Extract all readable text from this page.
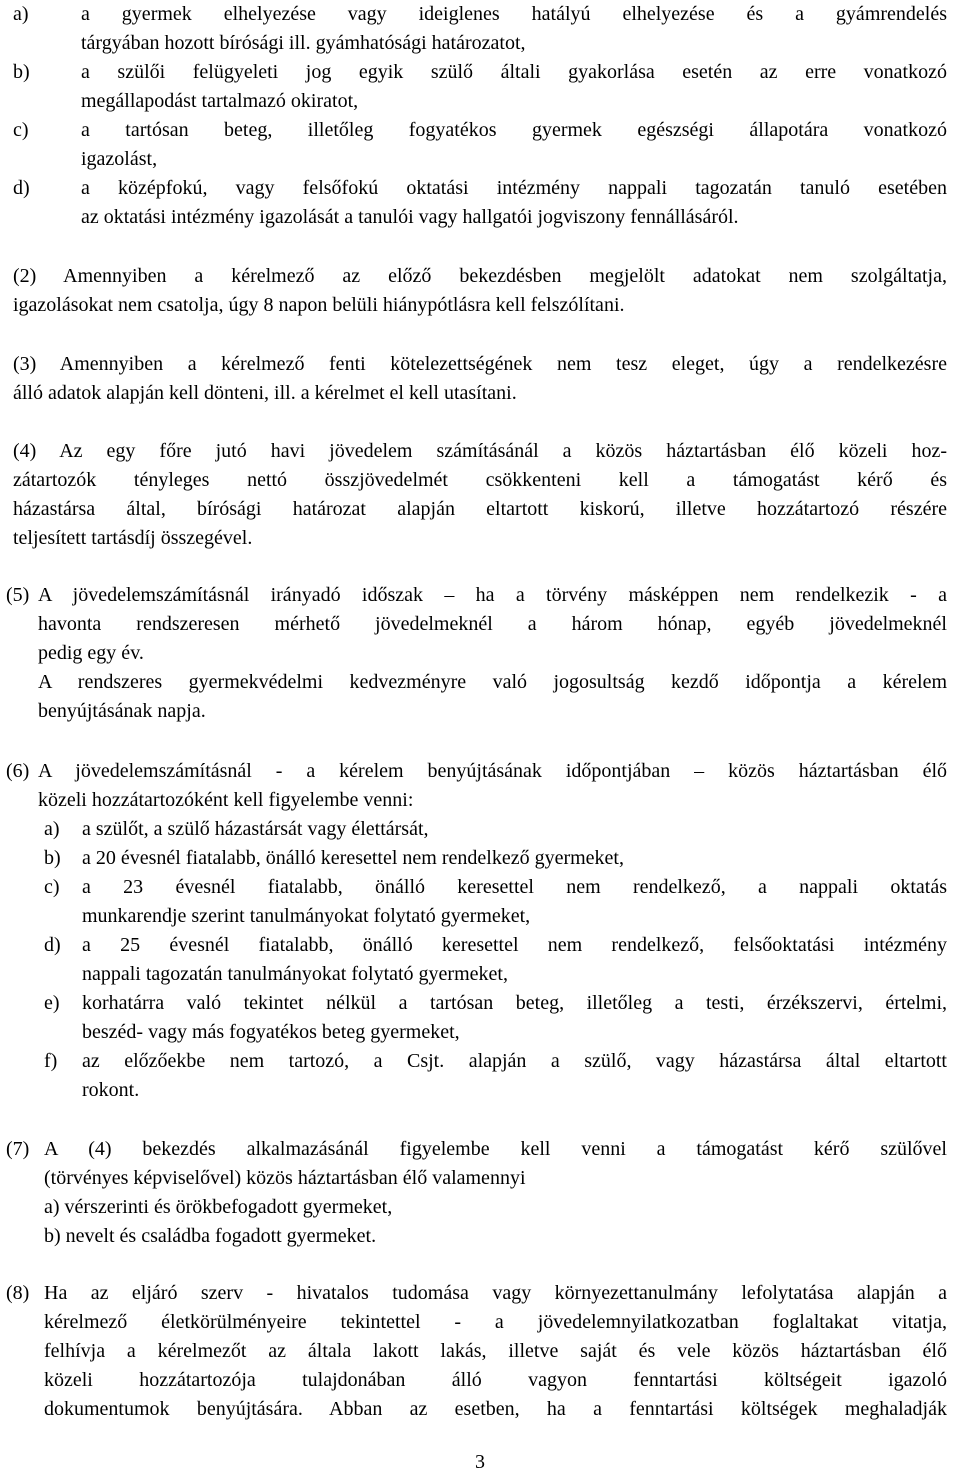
a)	a gyermek elhelyezése vagy ideiglenes hatályú elhelyezése és a gyámrendelés
tárgyában hozott bírósági ill. gyámhatósági határozatot,
b)	a szülői felügyeleti jog egyik szülő általi gyakorlása esetén az erre vonatkozó
megállapodást tartalmazó okiratot,
c)	a tartósan beteg, illetőleg fogyatékos gyermek egészségi állapotára vonatkozó
igazolást,
d)	a középfokú, vagy felsőfokú oktatási intézmény nappali tagozatán tanuló esetében
az oktatási intézmény igazolását a tanulói vagy hallgatói jogviszony fennállásáról.
(2) Amennyiben a kérelmező az előző bekezdésben megjelölt adatokat nem szolgáltatja,
igazolásokat nem csatolja, úgy 8 napon belüli hiánypótlásra kell felszólítani.
(3) Amennyiben a kérelmező fenti kötelezettségének nem tesz eleget, úgy a rendelkezésre
álló adatok alapján kell dönteni, ill. a kérelmet el kell utasítani.
(4) Az egy főre jutó havi jövedelem számításánál a közös háztartásban élő közeli hoz-
zátartozók tényleges nettó összjövedelmét csökkenteni kell a támogatást kérő és
házastársa által, bírósági határozat alapján eltartott kiskorú, illetve hozzátartozó részére
teljesített tartásdíj összegével.
(5) A jövedelemszámításnál irányadó időszak – ha a törvény másképpen nem rendelkezik - a
havonta rendszeresen mérhető jövedelmeknél a három hónap, egyéb jövedelmeknél
pedig egy év.
A rendszeres gyermekvédelmi kedvezményre való jogosultság kezdő időpontja a kérelem
benyújtásának napja.
(6) A jövedelemszámításnál - a kérelem benyújtásának időpontjában – közös háztartásban élő
közeli hozzátartozóként kell figyelembe venni:
a) a szülőt, a szülő házastársát vagy élettársát,
b) a 20 évesnél fiatalabb, önálló keresettel nem rendelkező gyermeket,
c) a 23 évesnél fiatalabb, önálló keresettel nem rendelkező, a nappali oktatás
munkarendje szerint tanulmányokat folytató gyermeket,
d) a 25 évesnél fiatalabb, önálló keresettel nem rendelkező, felsőoktatási intézmény
nappali tagozatán tanulmányokat folytató gyermeket,
e) korhatárra való tekintet nélkül a tartósan beteg, illetőleg a testi, érzékszervi, értelmi,
beszéd- vagy más fogyatékos beteg gyermeket,
f) az előzőekbe nem tartozó, a Csjt. alapján a szülő, vagy házastársa által eltartott
rokont.
(7) A (4) bekezdés alkalmazásánál figyelembe kell venni a támogatást kérő szülővel
(törvényes képviselővel) közös háztartásban élő valamennyi
a) vérszerinti és örökbefogadott gyermeket,
b) nevelt és családba fogadott gyermeket.
(8) Ha az eljáró szerv - hivatalos tudomása vagy környezettanulmány lefolytatása alapján a
kérelmező életkörülményeire tekintettel - a jövedelemnyilatkozatban foglaltakat vitatja,
felhívja a kérelmezőt az általa lakott lakás, illetve saját és vele közös háztartásban élő
közeli hozzátartozója tulajdonában álló vagyon fenntartási költségeit igazoló
dokumentumok benyújtására. Abban az esetben, ha a fenntartási költségek meghaladják
3
